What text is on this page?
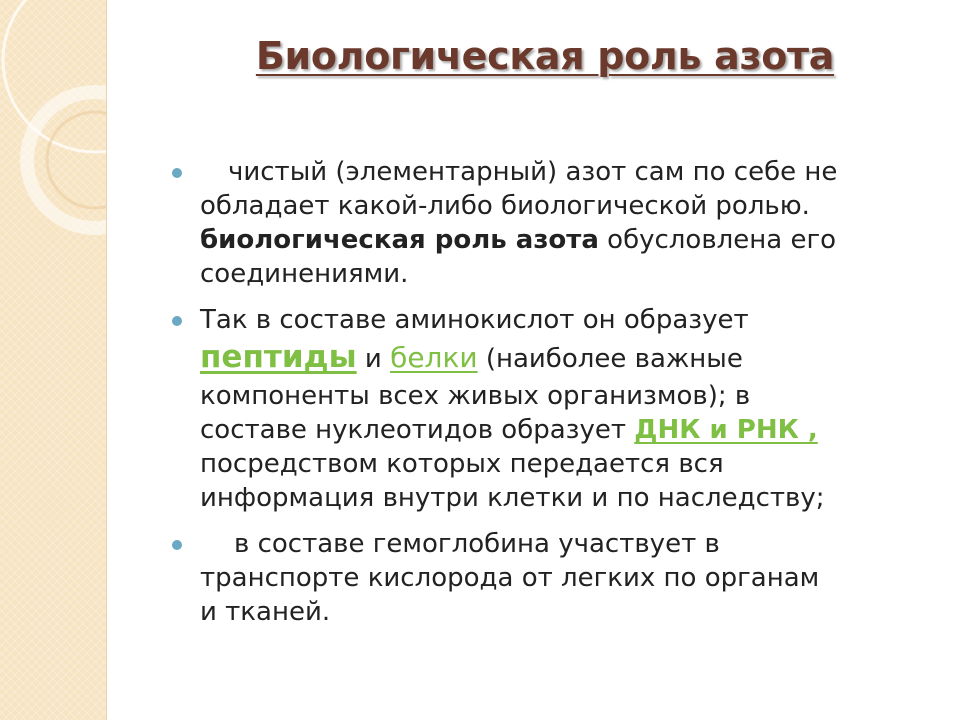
Биологическая роль азота
чистый (элементарный) азот сам по себе не
обладает какой-либо биологической ролью.
биологическая роль азота обусловлена его
соединениями.
Так в составе аминокислот он образует
пептиды и белки (наиболее важные
компоненты всех живых организмов); в
составе нуклеотидов образует ДНК и РНК ,
посредством которых передается вся
информация внутри клетки и по наследству;
в составе гемоглобина участвует в
транспорте кислорода от легких по органам
и тканей.
